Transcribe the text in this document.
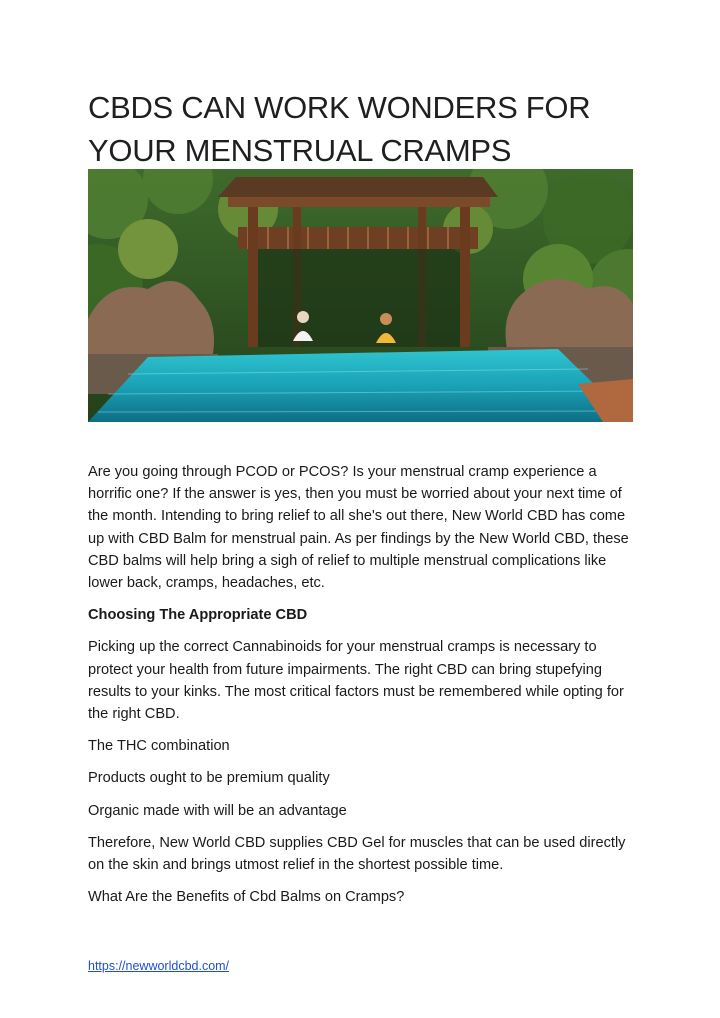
CBDS CAN WORK WONDERS FOR YOUR MENSTRUAL CRAMPS

Are you going through PCOD or PCOS? Is your menstrual cramp experience a horrific one? If the answer is yes, then you must be worried about your next time of the month. Intending to bring relief to all she's out there, New World CBD has come up with CBD Balm for menstrual pain. As per findings by the New World CBD, these CBD balms will help bring a sigh of relief to multiple menstrual complications like lower back, cramps, headaches, etc.

Choosing The Appropriate CBD

Picking up the correct Cannabinoids for your menstrual cramps is necessary to protect your health from future impairments. The right CBD can bring stupefying results to your kinks. The most critical factors must be remembered while opting for the right CBD.

The THC combination

Products ought to be premium quality

Organic made with will be an advantage

Therefore, New World CBD supplies CBD Gel for muscles that can be used directly on the skin and brings utmost relief in the shortest possible time.

What Are the Benefits of Cbd Balms on Cramps?

https://newworldcbd.com/
